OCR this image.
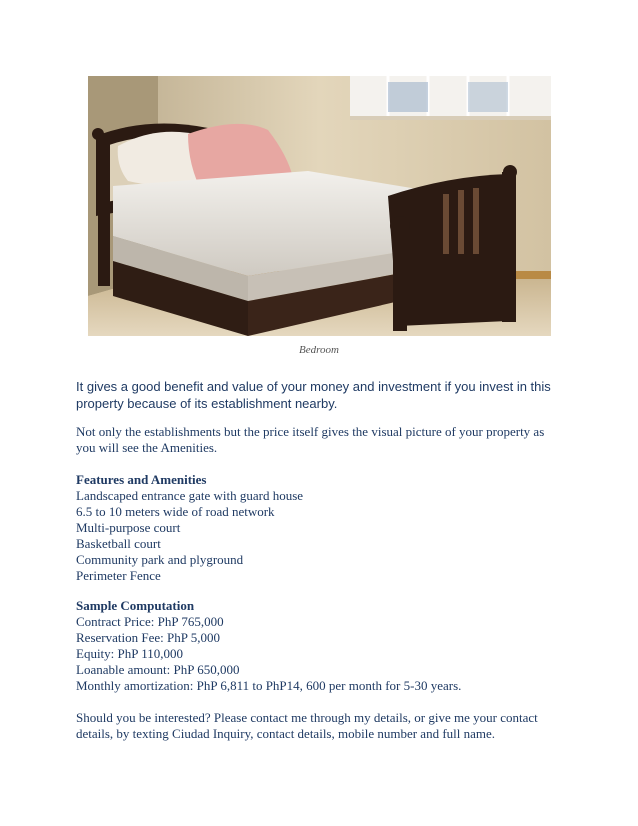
Bedroom
It gives a good benefit and value of your money and investment if you invest in this property because of its establishment nearby.
Not only the establishments but the price itself gives the visual picture of your property as you will see the Amenities.
Features and Amenities
Landscaped entrance gate with guard house
6.5 to 10 meters wide of road network
Multi-purpose court
Basketball court
Community park and plyground
Perimeter Fence
Sample Computation
Contract Price: PhP 765,000
Reservation Fee: PhP 5,000
Equity: PhP 110,000
Loanable amount: PhP 650,000
Monthly amortization: PhP 6,811 to PhP14, 600 per month for 5-30 years.
Should you be interested? Please contact me through my details, or give me your contact details, by texting Ciudad Inquiry, contact details, mobile number and full name.
